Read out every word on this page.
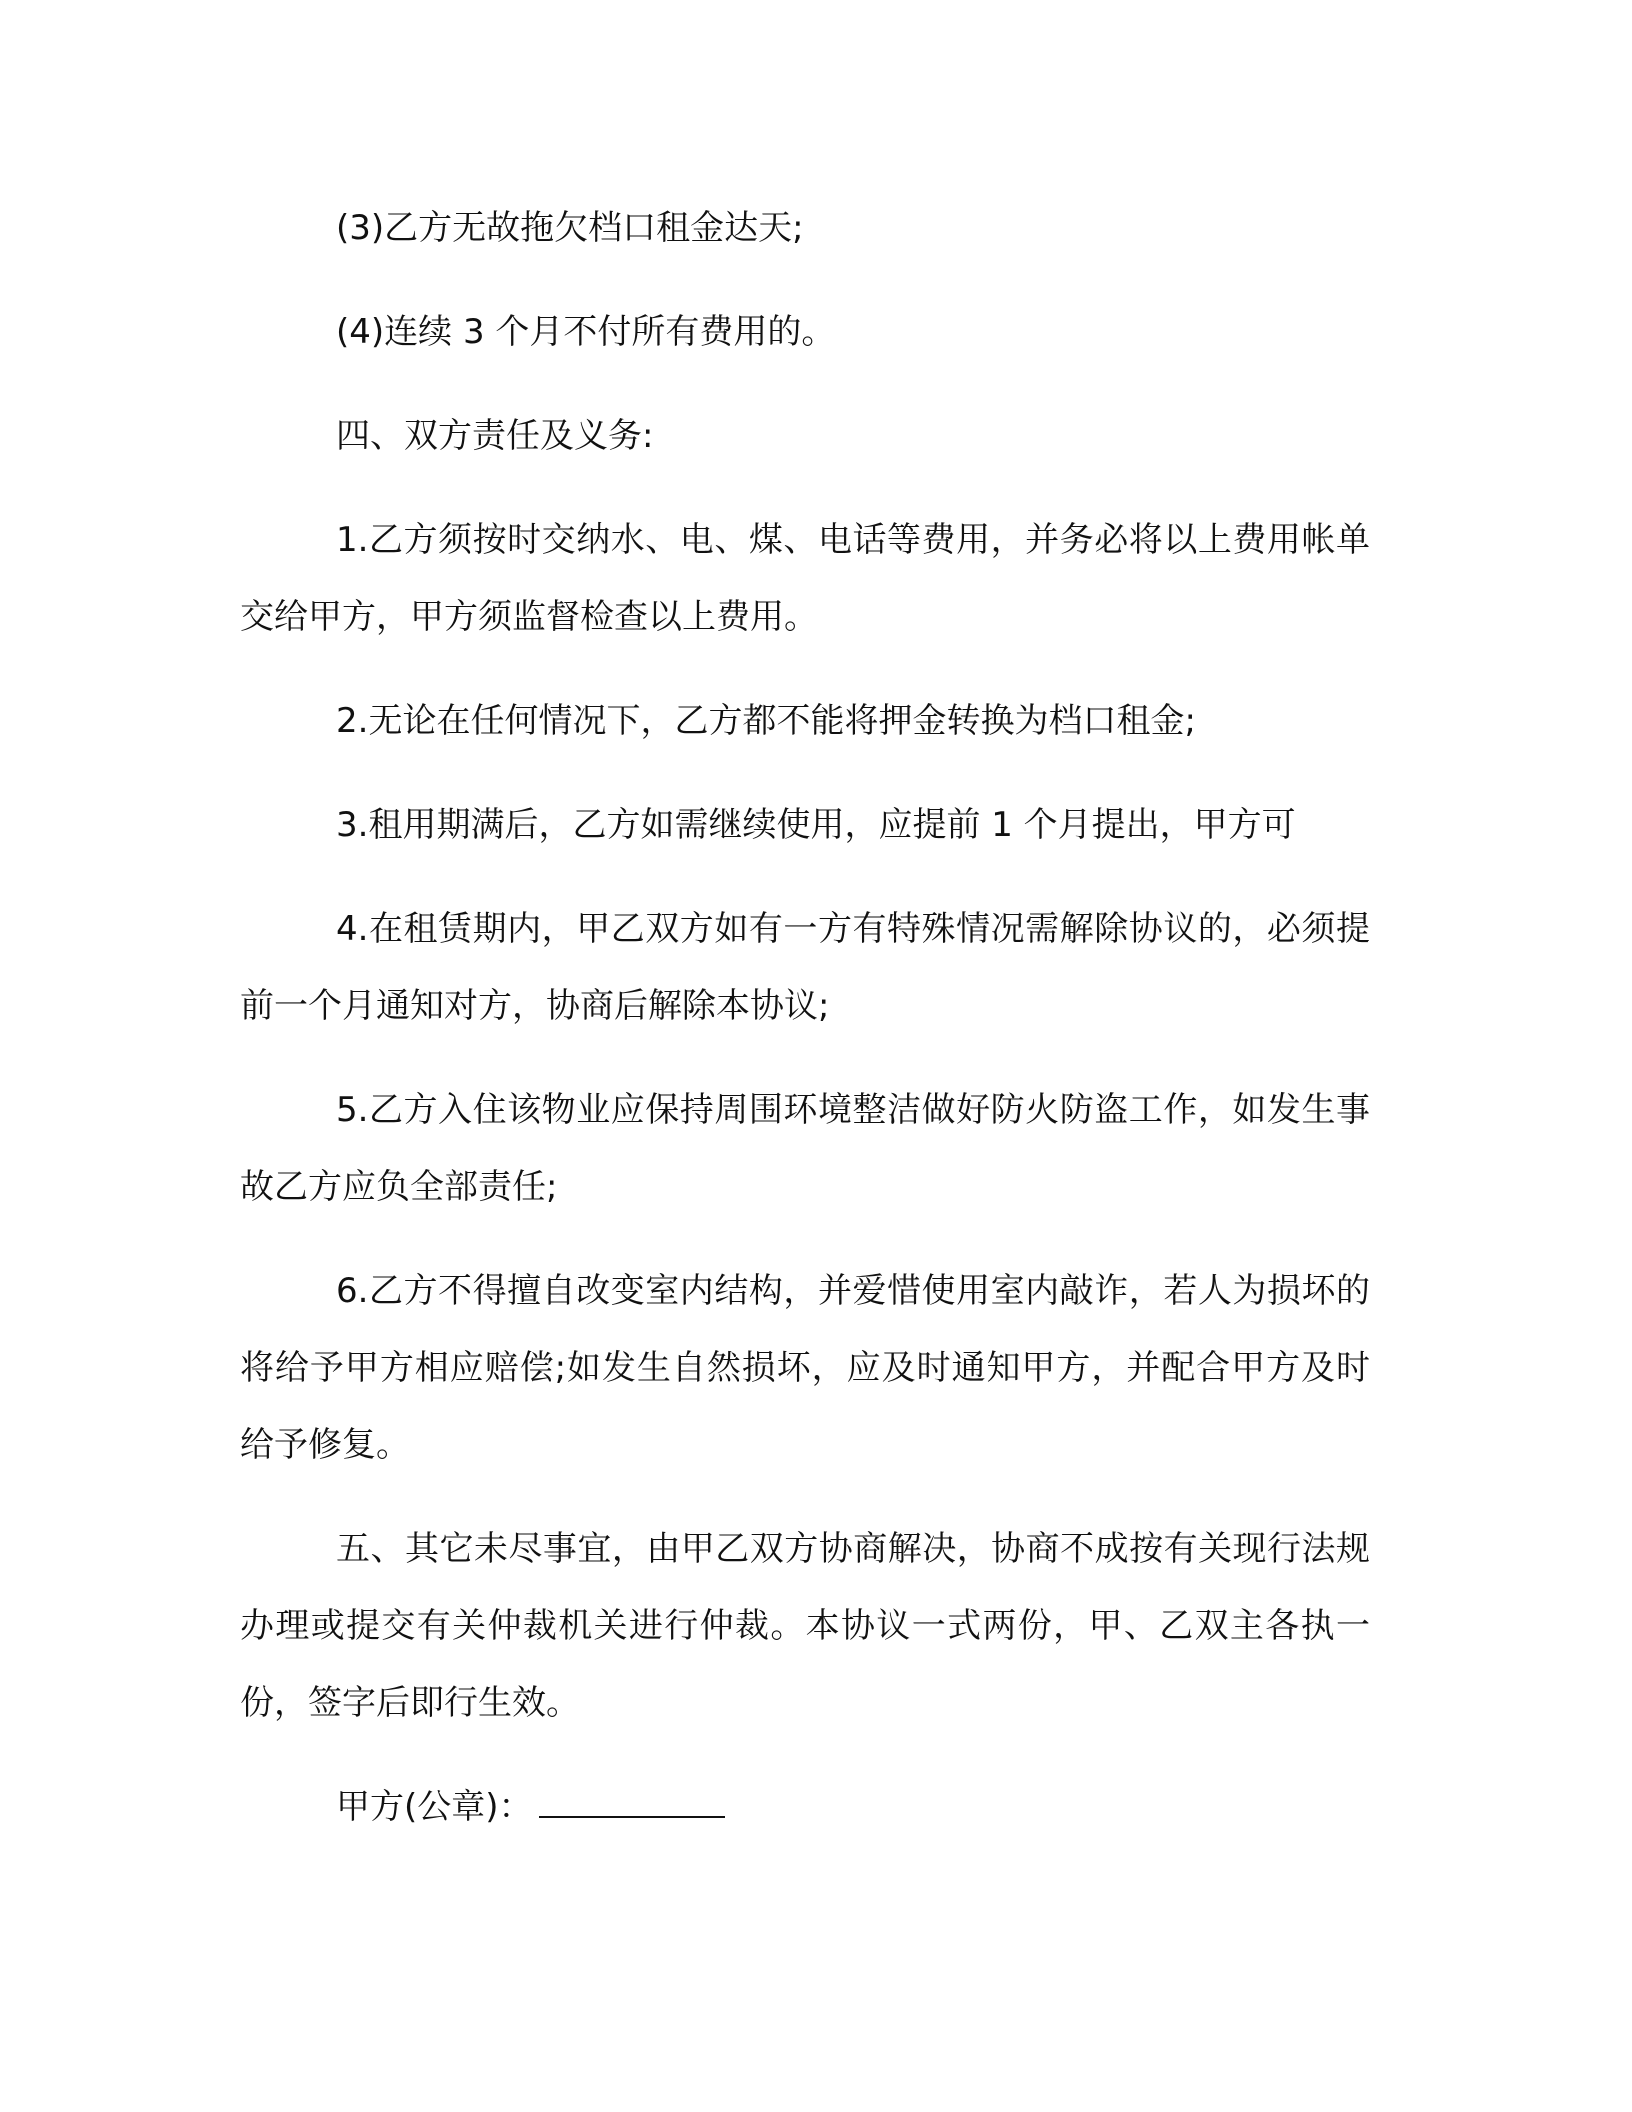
(3)乙方无故拖欠档口租金达天;

(4)连续 3 个月不付所有费用的。

四、双方责任及义务:

1.乙方须按时交纳水、电、煤、电话等费用，并务必将以上费用帐单交给甲方，甲方须监督检查以上费用。

2.无论在任何情况下，乙方都不能将押金转换为档口租金;

3.租用期满后，乙方如需继续使用，应提前 1 个月提出，甲方可

4.在租赁期内，甲乙双方如有一方有特殊情况需解除协议的，必须提前一个月通知对方，协商后解除本协议;

5.乙方入住该物业应保持周围环境整洁做好防火防盗工作，如发生事故乙方应负全部责任;

6.乙方不得擅自改变室内结构，并爱惜使用室内敲诈，若人为损坏的将给予甲方相应赔偿;如发生自然损坏，应及时通知甲方，并配合甲方及时给予修复。

五、其它未尽事宜，由甲乙双方协商解决，协商不成按有关现行法规办理或提交有关仲裁机关进行仲裁。本协议一式两份，甲、乙双主各执一份，签字后即行生效。

甲方(公章)：
